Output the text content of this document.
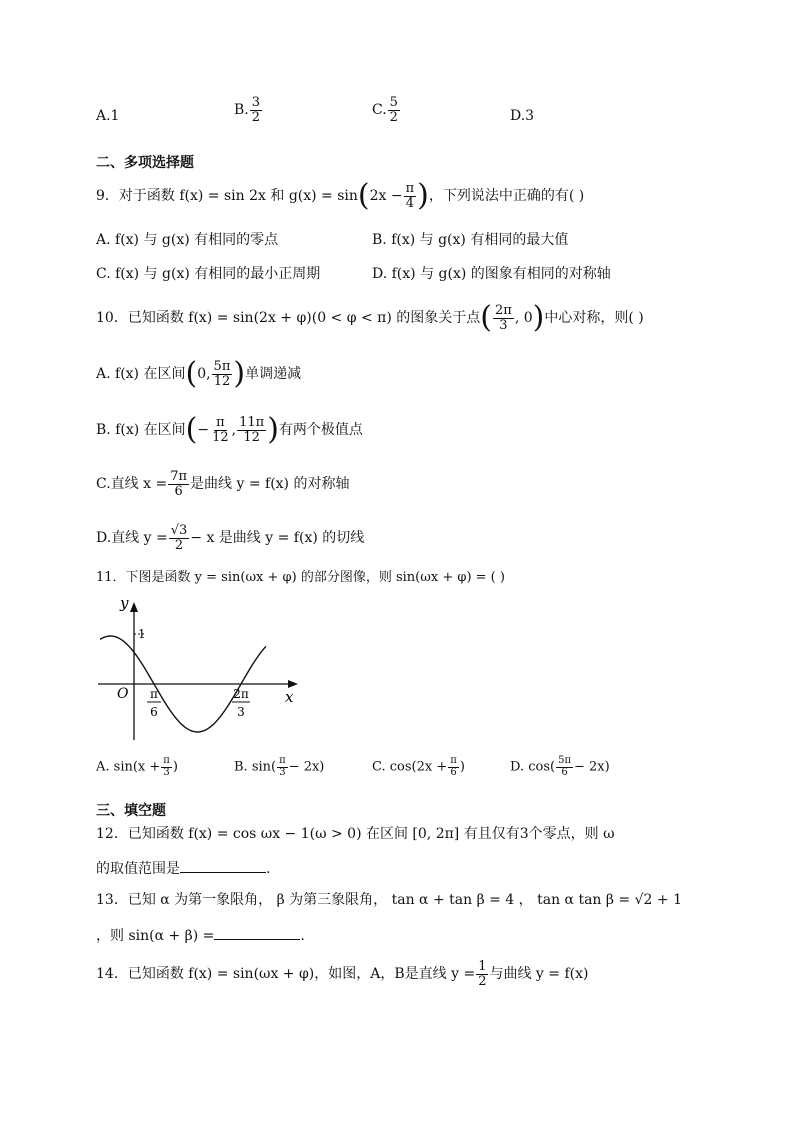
A.1	B. $\frac{3}{2}$	C. $\frac{5}{2}$	D.3
二、多项选择题
9．对于函数 f(x) = sin 2x 和 $g(x) = \sin(2x - \frac{\pi}{4}$ )，下列说法中正确的有( )
A. f(x) 与 g(x) 有相同的零点	B. f(x) 与 g(x) 有相同的最大值
C. f(x) 与 g(x) 有相同的最小正周期	D. f(x) 与 g(x) 的图象有相同的对称轴
10．已知函数 f(x) = sin(2x + φ)(0 < φ < π) 的图象关于点( $\frac{2\pi}{3}$ , 0)中心对称，则( )
A. f(x) 在区间(0, $\frac{5\pi}{12}$ )单调递减
B. f(x) 在区间(− $\frac{\pi}{12}$ , $\frac{11\pi}{12}$ )有两个极值点
C.直线 $x = \frac{7\pi}{6}$ 是曲线 y = f(x) 的对称轴
D.直线 $y = \frac{√3}{2} - x$ 是曲线 y = f(x) 的切线
11．下图是函数 y = sin(ωx + φ) 的部分图像，则 sin(ωx + φ) = ( )
y
x
O
1
π
6
2π
3
A. $\sin(x + \frac{\pi}{3}$ )	B. $\sin( \frac{\pi}{3} - 2x)$	C. $\cos(2x + \frac{\pi}{6}$ )	D. $\cos( \frac{5\pi}{6} - 2x)$
三、填空题
12．已知函数 f(x) = cos ωx − 1(ω > 0) 在区间 [0, 2π] 有且仅有3个零点，则 ω
的取值范围是	.
13．已知 α 为第一象限角， β 为第三象限角， tan α + tan β = 4 ， tan α tan β = √2 + 1
，则 sin(α + β) =	.
14．已知函数 f(x) = sin(ωx + φ)，如图，A，B是直线 $y = \frac{1}{2}$ 与曲线 y = f(x)
